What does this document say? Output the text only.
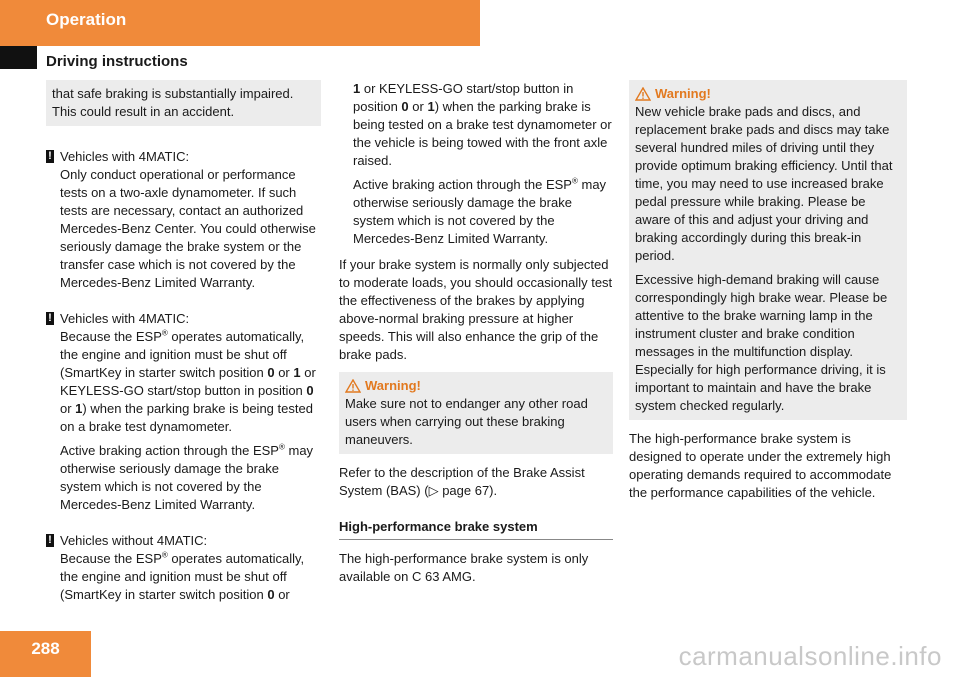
Operation
Driving instructions

that safe braking is substantially impaired. This could result in an accident.

! Vehicles with 4MATIC:

Only conduct operational or performance tests on a two-axle dynamometer. If such tests are necessary, contact an authorized Mercedes-Benz Center. You could otherwise seriously damage the brake system or the transfer case which is not covered by the Mercedes-Benz Limited Warranty.

! Vehicles with 4MATIC:

Because the ESP® operates automatically, the engine and ignition must be shut off (SmartKey in starter switch position 0 or 1 or KEYLESS-GO start/stop button in position 0 or 1) when the parking brake is being tested on a brake test dynamometer.

Active braking action through the ESP® may otherwise seriously damage the brake system which is not covered by the Mercedes-Benz Limited Warranty.

! Vehicles without 4MATIC:

Because the ESP® operates automatically, the engine and ignition must be shut off (SmartKey in starter switch position 0 or

1 or KEYLESS-GO start/stop button in position 0 or 1) when the parking brake is being tested on a brake test dynamometer or the vehicle is being towed with the front axle raised.

Active braking action through the ESP® may otherwise seriously damage the brake system which is not covered by the Mercedes-Benz Limited Warranty.

If your brake system is normally only subjected to moderate loads, you should occasionally test the effectiveness of the brakes by applying above-normal braking pressure at higher speeds. This will also enhance the grip of the brake pads.

Warning!

Make sure not to endanger any other road users when carrying out these braking maneuvers.

Refer to the description of the Brake Assist System (BAS) (▷ page 67).

High-performance brake system

The high-performance brake system is only available on C 63 AMG.

Warning!

New vehicle brake pads and discs, and replacement brake pads and discs may take several hundred miles of driving until they provide optimum braking efficiency. Until that time, you may need to use increased brake pedal pressure while braking. Please be aware of this and adjust your driving and braking accordingly during this break-in period.

Excessive high-demand braking will cause correspondingly high brake wear. Please be attentive to the brake warning lamp in the instrument cluster and brake condition messages in the multifunction display. Especially for high performance driving, it is important to maintain and have the brake system checked regularly.

The high-performance brake system is designed to operate under the extremely high operating demands required to accommodate the performance capabilities of the vehicle.

288	carmanualsonline.info
